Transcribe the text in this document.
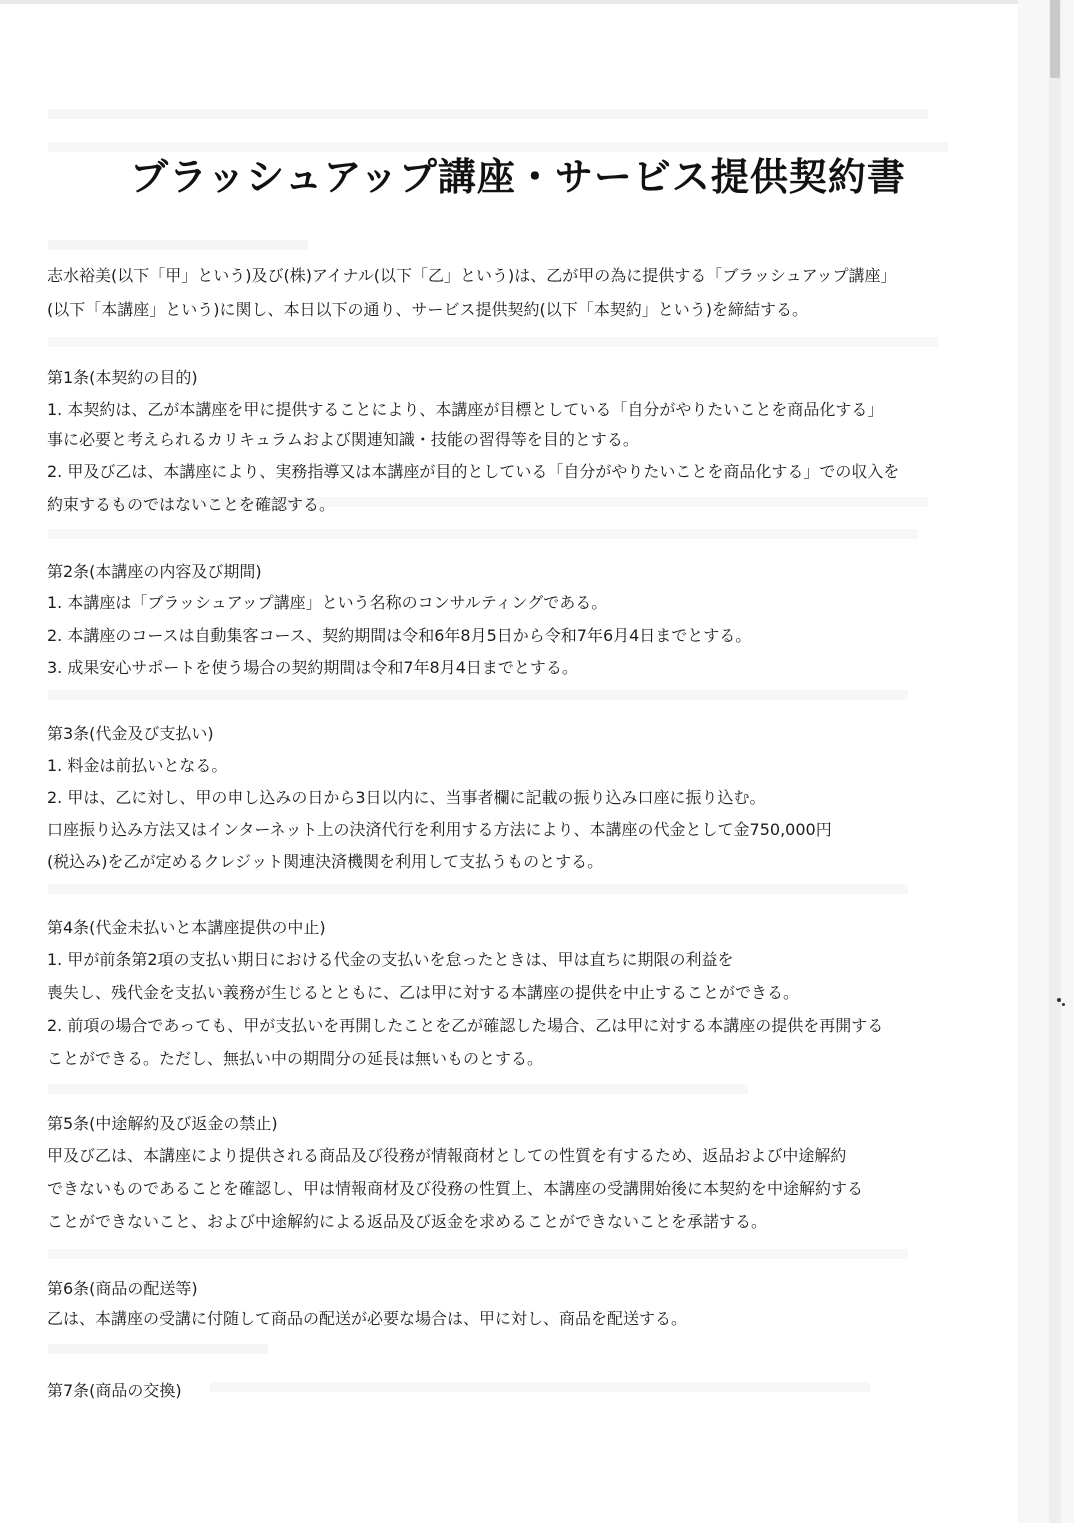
ブラッシュアップ講座・サービス提供契約書
志水裕美(以下「甲」という)及び(株)アイナル(以下「乙」という)は、乙が甲の為に提供する「ブラッシュアップ講座」
(以下「本講座」という)に関し、本日以下の通り、サービス提供契約(以下「本契約」という)を締結する。
第1条(本契約の目的)
1. 本契約は、乙が本講座を甲に提供することにより、本講座が目標としている「自分がやりたいことを商品化する」
事に必要と考えられるカリキュラムおよび関連知識・技能の習得等を目的とする。
2. 甲及び乙は、本講座により、実務指導又は本講座が目的としている「自分がやりたいことを商品化する」での収入を
約束するものではないことを確認する。
第2条(本講座の内容及び期間)
1. 本講座は「ブラッシュアップ講座」という名称のコンサルティングである。
2. 本講座のコースは自動集客コース、契約期間は令和6年8月5日から令和7年6月4日までとする。
3. 成果安心サポートを使う場合の契約期間は令和7年8月4日までとする。
第3条(代金及び支払い)
1. 料金は前払いとなる。
2. 甲は、乙に対し、甲の申し込みの日から3日以内に、当事者欄に記載の振り込み口座に振り込む。
口座振り込み方法又はインターネット上の決済代行を利用する方法により、本講座の代金として金750,000円
(税込み)を乙が定めるクレジット関連決済機関を利用して支払うものとする。
第4条(代金未払いと本講座提供の中止)
1. 甲が前条第2項の支払い期日における代金の支払いを怠ったときは、甲は直ちに期限の利益を
喪失し、残代金を支払い義務が生じるとともに、乙は甲に対する本講座の提供を中止することができる。
2. 前項の場合であっても、甲が支払いを再開したことを乙が確認した場合、乙は甲に対する本講座の提供を再開する
ことができる。ただし、無払い中の期間分の延長は無いものとする。
第5条(中途解約及び返金の禁止)
甲及び乙は、本講座により提供される商品及び役務が情報商材としての性質を有するため、返品および中途解約
できないものであることを確認し、甲は情報商材及び役務の性質上、本講座の受講開始後に本契約を中途解約する
ことができないこと、および中途解約による返品及び返金を求めることができないことを承諾する。
第6条(商品の配送等)
乙は、本講座の受講に付随して商品の配送が必要な場合は、甲に対し、商品を配送する。
第7条(商品の交換)
